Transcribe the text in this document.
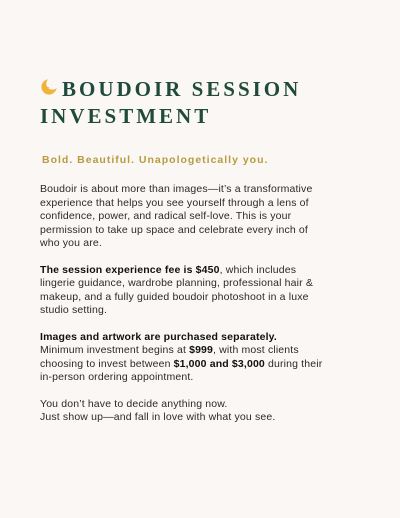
BOUDOIR SESSION
INVESTMENT

Bold. Beautiful. Unapologetically you.

Boudoir is about more than images—it’s a transformative
experience that helps you see yourself through a lens of
confidence, power, and radical self-love. This is your
permission to take up space and celebrate every inch of
who you are.

The session experience fee is $450, which includes
lingerie guidance, wardrobe planning, professional hair &
makeup, and a fully guided boudoir photoshoot in a luxe
studio setting.

Images and artwork are purchased separately.
Minimum investment begins at $999, with most clients
choosing to invest between $1,000 and $3,000 during their
in-person ordering appointment.

You don’t have to decide anything now.
Just show up—and fall in love with what you see.
